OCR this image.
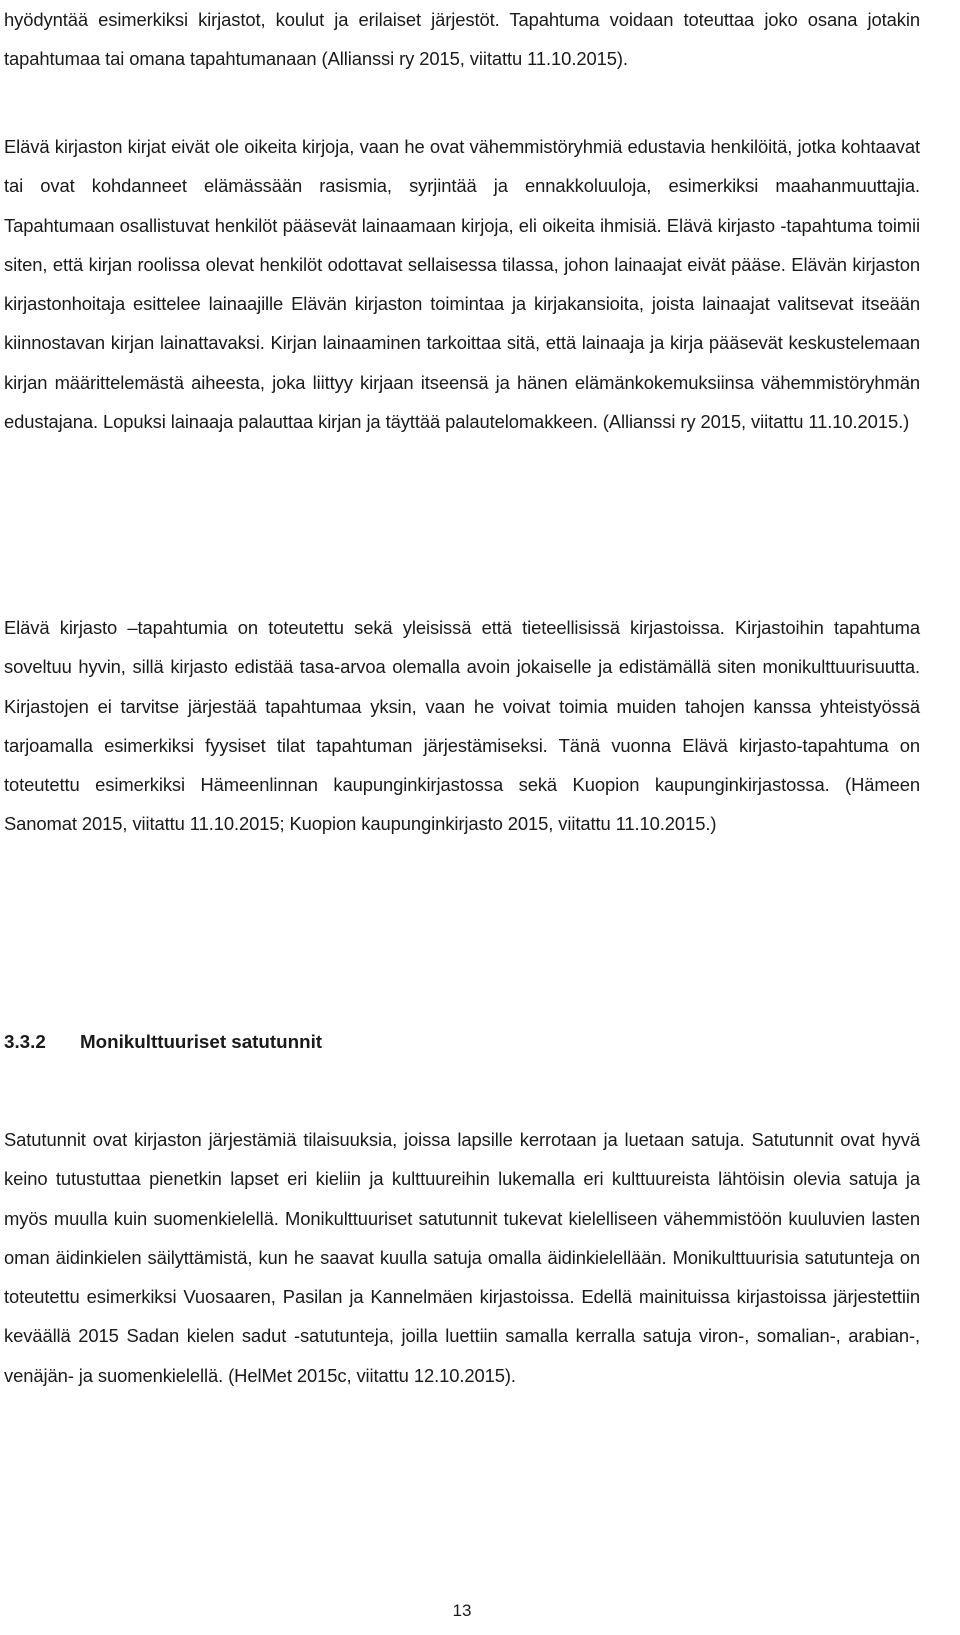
hyödyntää esimerkiksi kirjastot, koulut ja erilaiset järjestöt. Tapahtuma voidaan toteuttaa joko osana jotakin tapahtumaa tai omana tapahtumanaan (Allianssi ry 2015, viitattu 11.10.2015).

Elävä kirjaston kirjat eivät ole oikeita kirjoja, vaan he ovat vähemmistöryhmiä edustavia henkilöitä, jotka kohtaavat tai ovat kohdanneet elämässään rasismia, syrjintää ja ennakkoluuloja, esimerkiksi maahanmuuttajia. Tapahtumaan osallistuvat henkilöt pääsevät lainaamaan kirjoja, eli oikeita ihmisiä. Elävä kirjasto -tapahtuma toimii siten, että kirjan roolissa olevat henkilöt odottavat sellaisessa tilassa, johon lainaajat eivät pääse. Elävän kirjaston kirjastonhoitaja esittelee lainaajille Elävän kirjaston toimintaa ja kirjakansioita, joista lainaajat valitsevat itseään kiinnostavan kirjan lainattavaksi. Kirjan lainaaminen tarkoittaa sitä, että lainaaja ja kirja pääsevät keskustelemaan kirjan määrittelemästä aiheesta, joka liittyy kirjaan itseensä ja hänen elämänkokemuksiinsa vähemmistöryhmän edustajana. Lopuksi lainaaja palauttaa kirjan ja täyttää palautelomakkeen. (Allianssi ry 2015, viitattu 11.10.2015.)

Elävä kirjasto –tapahtumia on toteutettu sekä yleisissä että tieteellisissä kirjastoissa. Kirjastoihin tapahtuma soveltuu hyvin, sillä kirjasto edistää tasa-arvoa olemalla avoin jokaiselle ja edistämällä siten monikulttuurisuutta. Kirjastojen ei tarvitse järjestää tapahtumaa yksin, vaan he voivat toimia muiden tahojen kanssa yhteistyössä tarjoamalla esimerkiksi fyysiset tilat tapahtuman järjestämiseksi. Tänä vuonna Elävä kirjasto-tapahtuma on toteutettu esimerkiksi Hämeenlinnan kaupunginkirjastossa sekä Kuopion kaupunginkirjastossa. (Hämeen Sanomat 2015, viitattu 11.10.2015; Kuopion kaupunginkirjasto 2015, viitattu 11.10.2015.)

3.3.2 Monikulttuuriset satutunnit

Satutunnit ovat kirjaston järjestämiä tilaisuuksia, joissa lapsille kerrotaan ja luetaan satuja. Satutunnit ovat hyvä keino tutustuttaa pienetkin lapset eri kieliin ja kulttuureihin lukemalla eri kulttuureista lähtöisin olevia satuja ja myös muulla kuin suomenkielellä. Monikulttuuriset satutunnit tukevat kielelliseen vähemmistöön kuuluvien lasten oman äidinkielen säilyttämistä, kun he saavat kuulla satuja omalla äidinkielellään. Monikulttuurisia satutunteja on toteutettu esimerkiksi Vuosaaren, Pasilan ja Kannelmäen kirjastoissa. Edellä mainituissa kirjastoissa järjestettiin keväällä 2015 Sadan kielen sadut -satutunteja, joilla luettiin samalla kerralla satuja viron-, somalian-, arabian-, venäjän- ja suomenkielellä. (HelMet 2015c, viitattu 12.10.2015).

13
